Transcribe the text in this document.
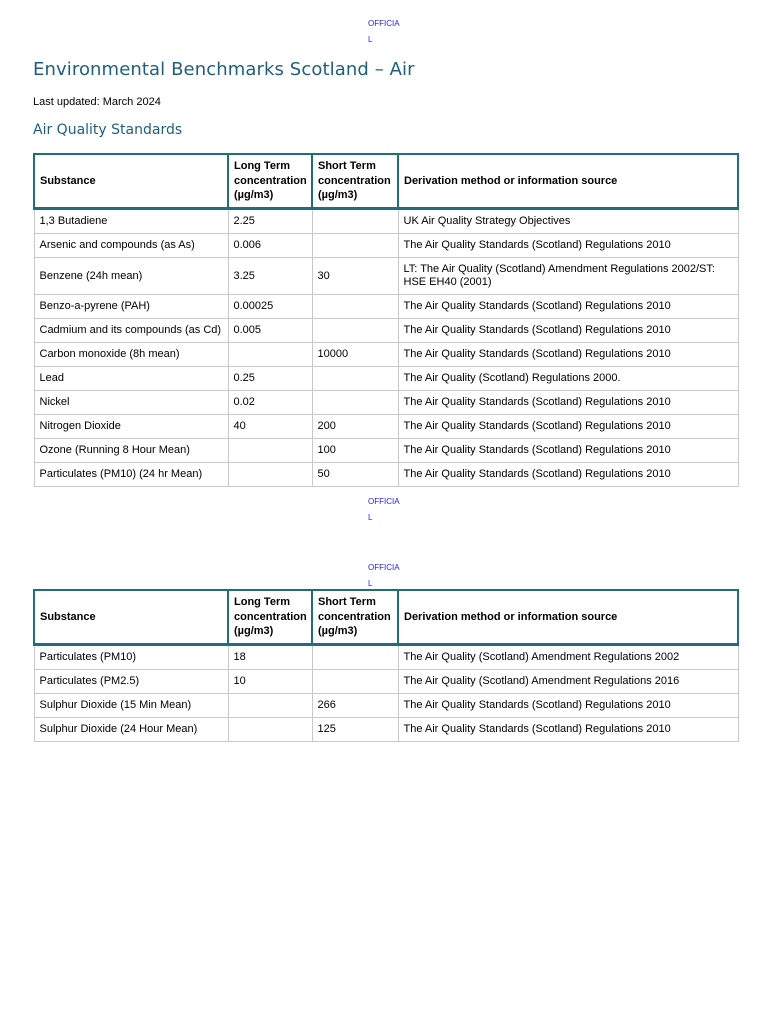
OFFICIA
L
Environmental Benchmarks Scotland – Air

Last updated: March 2024

Air Quality Standards
Substance	Long Term concentration (µg/m3)	Short Term concentration (µg/m3)	Derivation method or information source
1,3 Butadiene	2.25		UK Air Quality Strategy Objectives
Arsenic and compounds (as As)	0.006		The Air Quality Standards (Scotland) Regulations 2010
Benzene (24h mean)	3.25	30	LT: The Air Quality (Scotland) Amendment Regulations 2002/ST: HSE EH40 (2001)
Benzo-a-pyrene (PAH)	0.00025		The Air Quality Standards (Scotland) Regulations 2010
Cadmium and its compounds (as Cd)	0.005		The Air Quality Standards (Scotland) Regulations 2010
Carbon monoxide (8h mean)		10000	The Air Quality Standards (Scotland) Regulations 2010
Lead	0.25		The Air Quality (Scotland) Regulations 2000.
Nickel	0.02		The Air Quality Standards (Scotland) Regulations 2010
Nitrogen Dioxide	40	200	The Air Quality Standards (Scotland) Regulations 2010
Ozone (Running 8 Hour Mean)		100	The Air Quality Standards (Scotland) Regulations 2010
Particulates (PM10) (24 hr Mean)		50	The Air Quality Standards (Scotland) Regulations 2010
OFFICIA
L
OFFICIA
L
Substance	Long Term concentration (µg/m3)	Short Term concentration (µg/m3)	Derivation method or information source
Particulates (PM10)	18		The Air Quality (Scotland) Amendment Regulations 2002
Particulates (PM2.5)	10		The Air Quality (Scotland) Amendment Regulations 2016
Sulphur Dioxide (15 Min Mean)		266	The Air Quality Standards (Scotland) Regulations 2010
Sulphur Dioxide (24 Hour Mean)		125	The Air Quality Standards (Scotland) Regulations 2010
